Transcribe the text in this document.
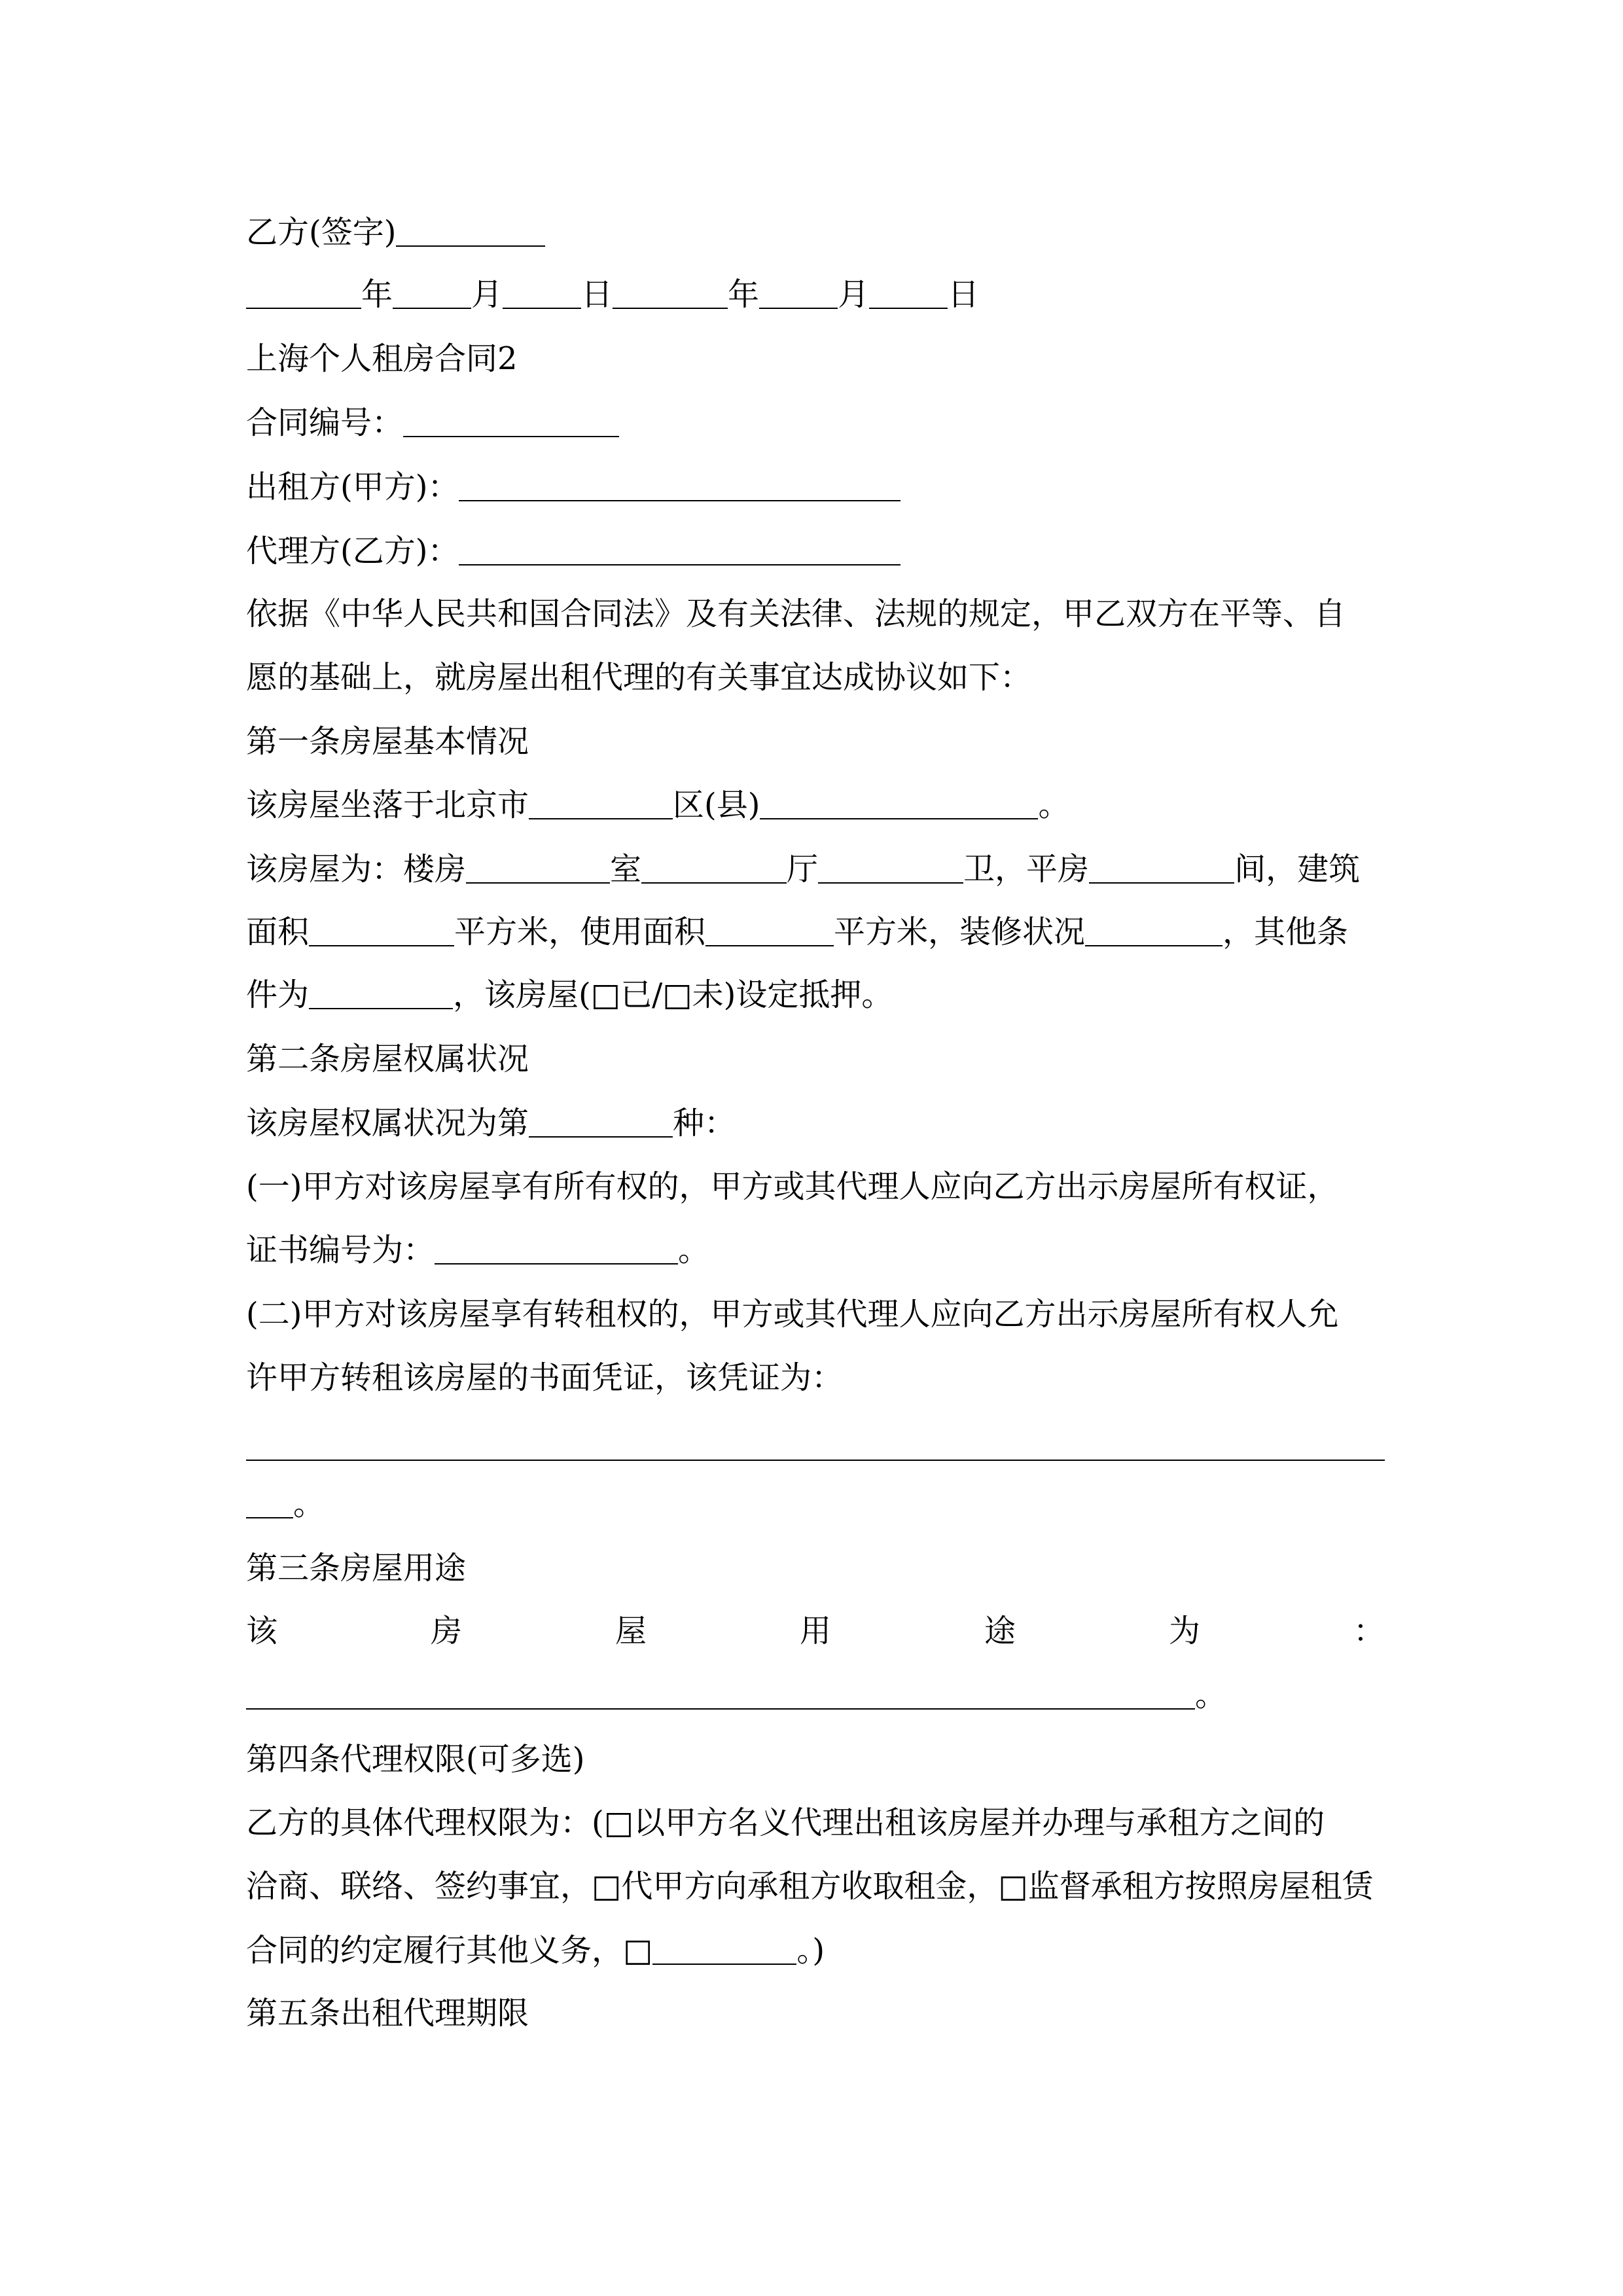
乙方(签字)
年	月	日	年	月	日
上海个人租房合同2
合同编号：
出租方(甲方)：
代理方(乙方)：
依据《中华人民共和国合同法》及有关法律、法规的规定，甲乙双方在平等、自
愿的基础上，就房屋出租代理的有关事宜达成协议如下：
第一条房屋基本情况
该房屋坐落于北京市	区(县)	。
该房屋为：楼房	室	厅	卫，平房	间，建筑
面积	平方米，使用面积	平方米，装修状况	，其他条
件为	，该房屋(□已/□未)设定抵押。
第二条房屋权属状况
该房屋权属状况为第	种：
(一)甲方对该房屋享有所有权的，甲方或其代理人应向乙方出示房屋所有权证，
证书编号为：	。
(二)甲方对该房屋享有转租权的，甲方或其代理人应向乙方出示房屋所有权人允
许甲方转租该房屋的书面凭证，该凭证为：
。
第三条房屋用途
该	房	屋	用	途	为	：
。
第四条代理权限(可多选)
乙方的具体代理权限为：(□以甲方名义代理出租该房屋并办理与承租方之间的
洽商、联络、签约事宜，□代甲方向承租方收取租金，□监督承租方按照房屋租赁
合同的约定履行其他义务，□	。)
第五条出租代理期限
